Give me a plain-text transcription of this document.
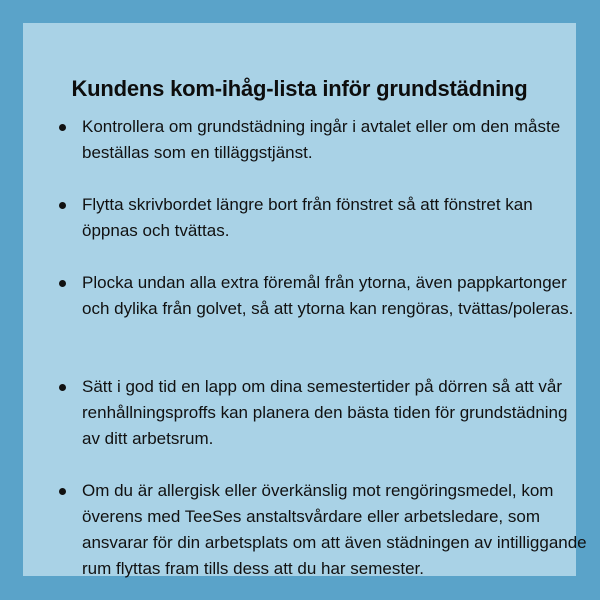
Kundens kom-ihåg-lista inför grundstädning
Kontrollera om grundstädning ingår i avtalet eller om den måste beställas som en tilläggstjänst.
Flytta skrivbordet längre bort från fönstret så att fönstret kan öppnas och tvättas.
Plocka undan alla extra föremål från ytorna, även pappkartonger och dylika från golvet, så att ytorna kan rengöras, tvättas/poleras.
Sätt i god tid en lapp om dina semestertider på dörren så att vår renhållningsproffs kan planera den bästa tiden för grundstädning av ditt arbetsrum.
Om du är allergisk eller överkänslig mot rengöringsmedel, kom överens med TeeSes anstaltsvårdare eller arbetsledare, som ansvarar för din arbetsplats om att även städningen av intilliggande rum flyttas fram tills dess att du har semester.
